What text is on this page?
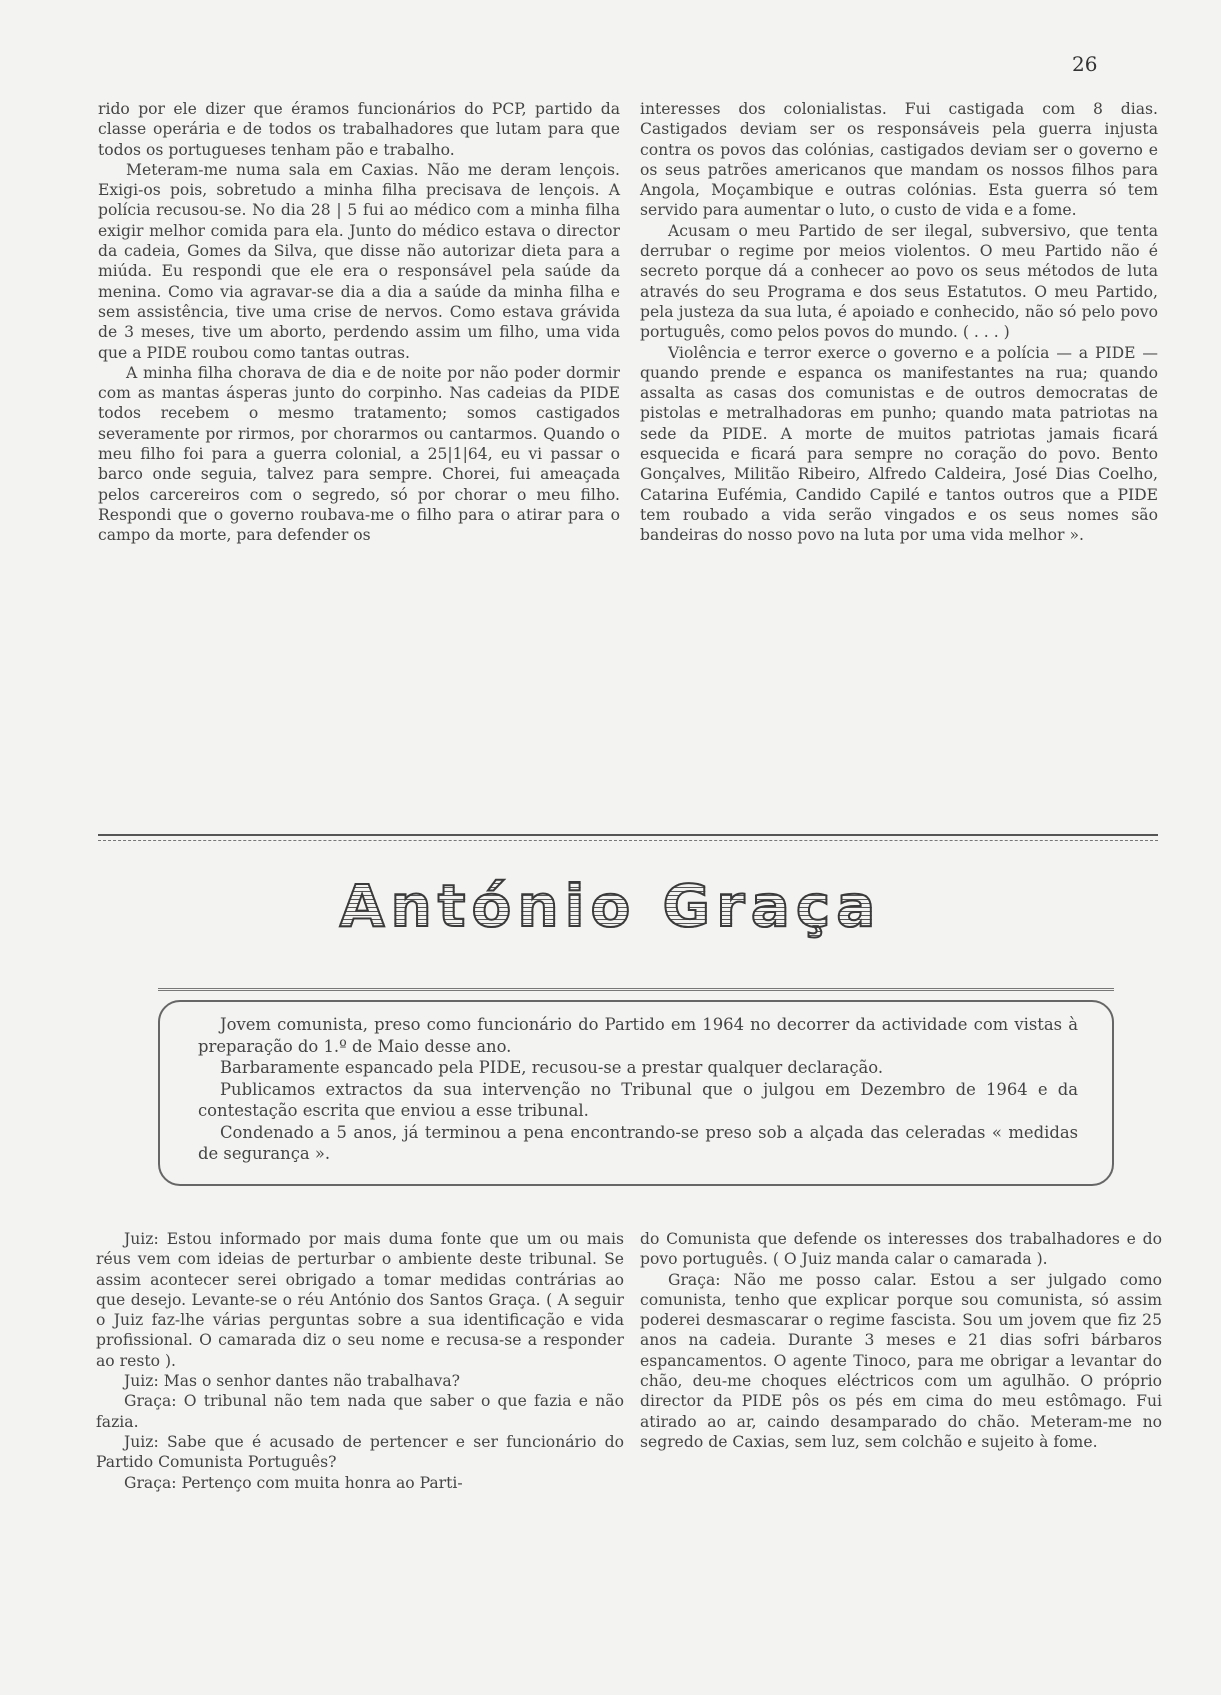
26

rido por ele dizer que éramos funcionários do PCP, partido da classe operária e de todos os trabalhadores que lutam para que todos os portugueses tenham pão e trabalho.

Meteram-me numa sala em Caxias. Não me deram lençois. Exigi-os pois, sobretudo a minha filha precisava de lençois. A polícia recusou-se. No dia 28 | 5 fui ao médico com a minha filha exigir melhor comida para ela. Junto do médico estava o director da cadeia, Gomes da Silva, que disse não autorizar dieta para a miúda. Eu respondi que ele era o responsável pela saúde da menina. Como via agravar-se dia a dia a saúde da minha filha e sem assistência, tive uma crise de nervos. Como estava grávida de 3 meses, tive um aborto, perdendo assim um filho, uma vida que a PIDE roubou como tantas outras.

A minha filha chorava de dia e de noite por não poder dormir com as mantas ásperas junto do corpinho. Nas cadeias da PIDE todos recebem o mesmo tratamento; somos castigados severamente por rirmos, por chorarmos ou cantarmos. Quando o meu filho foi para a guerra colonial, a 25|1|64, eu vi passar o barco onde seguia, talvez para sempre. Chorei, fui ameaçada pelos carcereiros com o segredo, só por chorar o meu filho. Respondi que o governo roubava-me o filho para o atirar para o campo da morte, para defender os

interesses dos colonialistas. Fui castigada com 8 dias. Castigados deviam ser os responsáveis pela guerra injusta contra os povos das colónias, castigados deviam ser o governo e os seus patrões americanos que mandam os nossos filhos para Angola, Moçambique e outras colónias. Esta guerra só tem servido para aumentar o luto, o custo de vida e a fome.

Acusam o meu Partido de ser ilegal, subversivo, que tenta derrubar o regime por meios violentos. O meu Partido não é secreto porque dá a conhecer ao povo os seus métodos de luta através do seu Programa e dos seus Estatutos. O meu Partido, pela justeza da sua luta, é apoiado e conhecido, não só pelo povo português, como pelos povos do mundo. ( . . . )

Violência e terror exerce o governo e a polícia — a PIDE — quando prende e espanca os manifestantes na rua; quando assalta as casas dos comunistas e de outros democratas de pistolas e metralhadoras em punho; quando mata patriotas na sede da PIDE. A morte de muitos patriotas jamais ficará esquecida e ficará para sempre no coração do povo. Bento Gonçalves, Militão Ribeiro, Alfredo Caldeira, José Dias Coelho, Catarina Eufémia, Candido Capilé e tantos outros que a PIDE tem roubado a vida serão vingados e os seus nomes são bandeiras do nosso povo na luta por uma vida melhor ».

António Graça

Jovem comunista, preso como funcionário do Partido em 1964 no decorrer da actividade com vistas à preparação do 1.º de Maio desse ano.

Barbaramente espancado pela PIDE, recusou-se a prestar qualquer declaração.

Publicamos extractos da sua intervenção no Tribunal que o julgou em Dezembro de 1964 e da contestação escrita que enviou a esse tribunal.

Condenado a 5 anos, já terminou a pena encontrando-se preso sob a alçada das celeradas « medidas de segurança ».

Juiz: Estou informado por mais duma fonte que um ou mais réus vem com ideias de perturbar o ambiente deste tribunal. Se assim acontecer serei obrigado a tomar medidas contrárias ao que desejo. Levante-se o réu António dos Santos Graça. ( A seguir o Juiz faz-lhe várias perguntas sobre a sua identificação e vida profissional. O camarada diz o seu nome e recusa-se a responder ao resto ).

Juiz: Mas o senhor dantes não trabalhava?

Graça: O tribunal não tem nada que saber o que fazia e não fazia.

Juiz: Sabe que é acusado de pertencer e ser funcionário do Partido Comunista Português?

Graça: Pertenço com muita honra ao Parti-

do Comunista que defende os interesses dos trabalhadores e do povo português. ( O Juiz manda calar o camarada ).

Graça: Não me posso calar. Estou a ser julgado como comunista, tenho que explicar porque sou comunista, só assim poderei desmascarar o regime fascista. Sou um jovem que fiz 25 anos na cadeia. Durante 3 meses e 21 dias sofri bárbaros espancamentos. O agente Tinoco, para me obrigar a levantar do chão, deu-me choques eléctricos com um agulhão. O próprio director da PIDE pôs os pés em cima do meu estômago. Fui atirado ao ar, caindo desamparado do chão. Meteram-me no segredo de Caxias, sem luz, sem colchão e sujeito à fome.
